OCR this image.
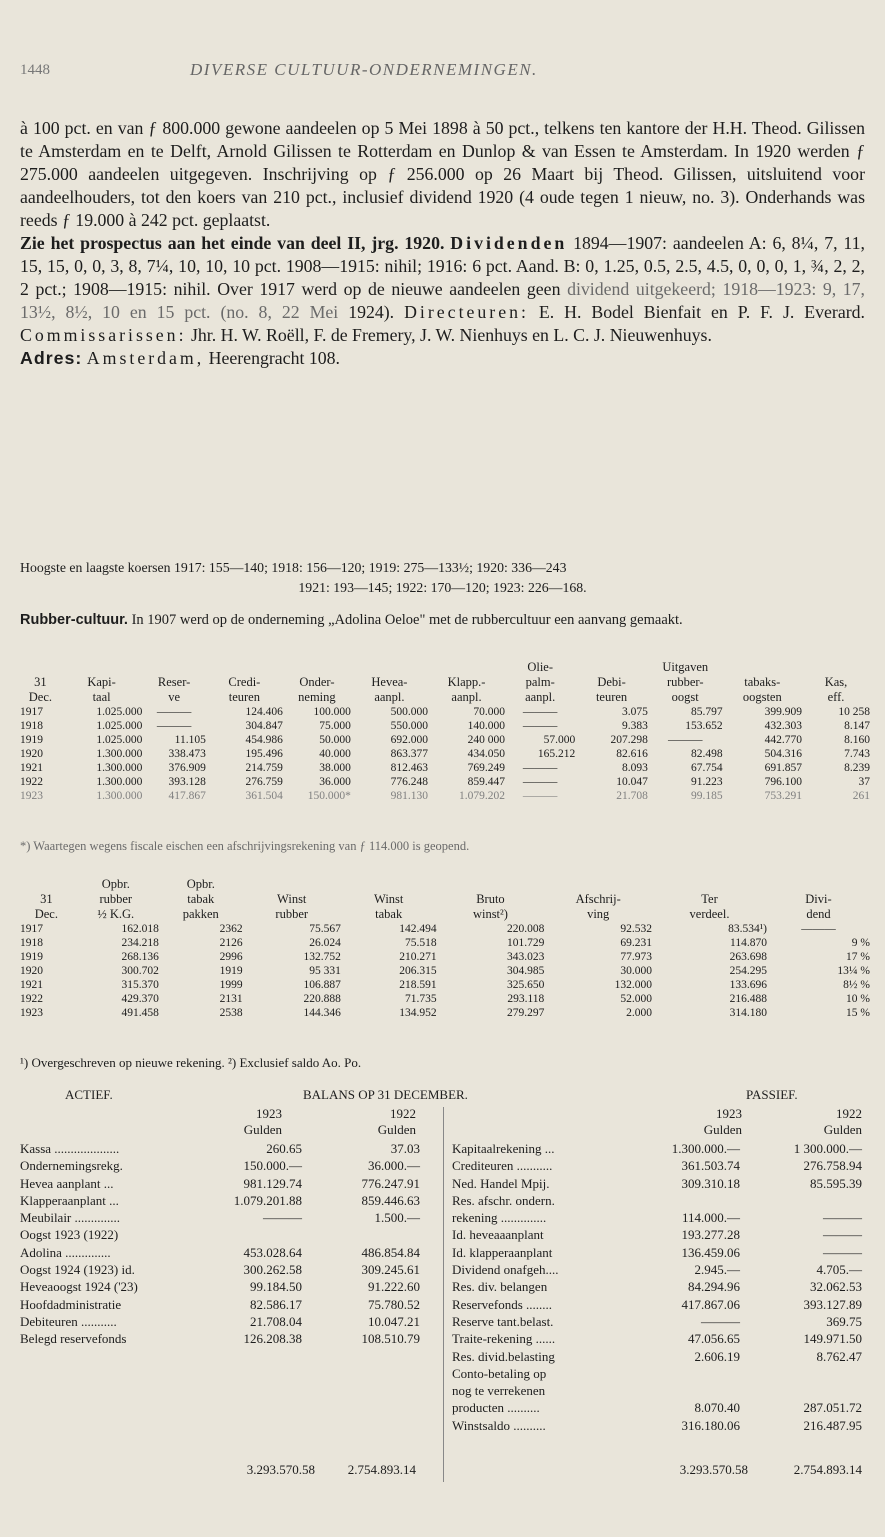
1448	DIVERSE CULTUUR-ONDERNEMINGEN.

à 100 pct. en van ƒ 800.000 gewone aandeelen op 5 Mei 1898 à 50 pct., telkens ten kantore der H.H. Theod. Gilissen te Amsterdam en te Delft, Arnold Gilissen te Rotterdam en Dunlop & van Essen te Amsterdam. In 1920 werden ƒ 275.000 aandeelen uitgegeven. Inschrijving op ƒ 256.000 op 26 Maart bij Theod. Gilissen, uitsluitend voor aandeelhouders, tot den koers van 210 pct., inclusief dividend 1920 (4 oude tegen 1 nieuw, no. 3). Onderhands was reeds ƒ 19.000 à 242 pct. geplaatst.

Zie het prospectus aan het einde van deel II, jrg. 1920. Dividenden 1894—1907: aandeelen A: 6, 8¼, 7, 11, 15, 15, 0, 0, 3, 8, 7¼, 10, 10, 10 pct. 1908—1915: nihil; 1916: 6 pct. Aand. B: 0, 1.25, 0.5, 2.5, 4.5, 0, 0, 0, 1, ¾, 2, 2, 2 pct.; 1908—1915: nihil. Over 1917 werd op de nieuwe aandeelen geen dividend uitgekeerd; 1918—1923: 9, 17, 13½, 8½, 10 en 15 pct. (no. 8, 22 Mei 1924). Directeuren: E. H. Bodel Bienfait en P. F. J. Everard. Commissarissen: Jhr. H. W. Roëll, F. de Fremery, J. W. Nienhuys en L. C. J. Nieuwenhuys.

Adres: Amsterdam, Heerengracht 108.

Hoogste en laagste koersen 1917: 155—140; 1918: 156—120; 1919: 275—133½; 1920: 336—243
1921: 193—145; 1922: 170—120; 1923: 226—168.
Rubber-cultuur. In 1907 werd op de onderneming „Adolina Oeloe" met de rubbercultuur een aanvang gemaakt.
							Olie-		Uitgaven		
31	Kapi-	Reser-	Credi-	Onder-	Hevea-	Klapp.-	palm-	Debi-	rubber-	tabaks-	Kas,
Dec.	taal	ve	teuren	neming	aanpl.	aanpl.	aanpl.	teuren	oogst	oogsten	eff.
1917	1.025.000	———	124.406	100.000	500.000	70.000	———	3.075	85.797	399.909	10 258
1918	1.025.000	———	304.847	75.000	550.000	140.000	———	9.383	153.652	432.303	8.147
1919	1.025.000	11.105	454.986	50.000	692.000	240 000	57.000	207.298	———	442.770	8.160
1920	1.300.000	338.473	195.496	40.000	863.377	434.050	165.212	82.616	82.498	504.316	7.743
1921	1.300.000	376.909	214.759	38.000	812.463	769.249	———	8.093	67.754	691.857	8.239
1922	1.300.000	393.128	276.759	36.000	776.248	859.447	———	10.047	91.223	796.100	37
1923	1.300.000	417.867	361.504	150.000*	981.130	1.079.202	———	21.708	99.185	753.291	261
*) Waartegen wegens fiscale eischen een afschrijvingsrekening van ƒ 114.000 is geopend.
	Opbr.	Opbr.						
31	rubber	tabak	Winst	Winst	Bruto	Afschrij-	Ter	Divi-
Dec.	½ K.G.	pakken	rubber	tabak	winst²)	ving	verdeel.	dend
1917	162.018	2362	75.567	142.494	220.008	92.532	83.534¹)	———
1918	234.218	2126	26.024	75.518	101.729	69.231	114.870	9 %
1919	268.136	2996	132.752	210.271	343.023	77.973	263.698	17 %
1920	300.702	1919	95 331	206.315	304.985	30.000	254.295	13¼ %
1921	315.370	1999	106.887	218.591	325.650	132.000	133.696	8½ %
1922	429.370	2131	220.888	71.735	293.118	52.000	216.488	10 %
1923	491.458	2538	144.346	134.952	279.297	2.000	314.180	15 %
¹) Overgeschreven op nieuwe rekening. ²) Exclusief saldo Ao. Po.
ACTIEF.	BALANS OP 31 DECEMBER.	PASSIEF.
1923
Gulden
1922
Gulden
1923
Gulden
1922
Gulden
Kassa ....................	260.65	37.03
Ondernemingsrekg.	150.000.—	36.000.—
Hevea aanplant ...	981.129.74	776.247.91
Klapperaanplant ...	1.079.201.88	859.446.63
Meubilair ..............	———	1.500.—
Oogst 1923 (1922)
Adolina ..............	453.028.64	486.854.84
Oogst 1924 (1923) id.	300.262.58	309.245.61
Heveaoogst 1924 ('23)	99.184.50	91.222.60
Hoofdadministratie	82.586.17	75.780.52
Debiteuren ...........	21.708.04	10.047.21
Belegd reservefonds	126.208.38	108.510.79
Kapitaalrekening ...	1.300.000.—	1 300.000.—
Crediteuren ...........	361.503.74	276.758.94
Ned. Handel Mpij.	309.310.18	85.595.39
Res. afschr. ondern.
rekening ..............	114.000.—	———
Id. heveaaanplant	193.277.28	———
Id. klapperaanplant	136.459.06	———
Dividend onafgeh....	2.945.—	4.705.—
Res. div. belangen	84.294.96	32.062.53
Reservefonds ........	417.867.06	393.127.89
Reserve tant.belast.	———	369.75
Traite-rekening ......	47.056.65	149.971.50
Res. divid.belasting	2.606.19	8.762.47
Conto-betaling op
nog te verrekenen
producten ..........	8.070.40	287.051.72
Winstsaldo ..........	316.180.06	216.487.95
3.293.570.58	2.754.893.14	3.293.570.58	2.754.893.14
